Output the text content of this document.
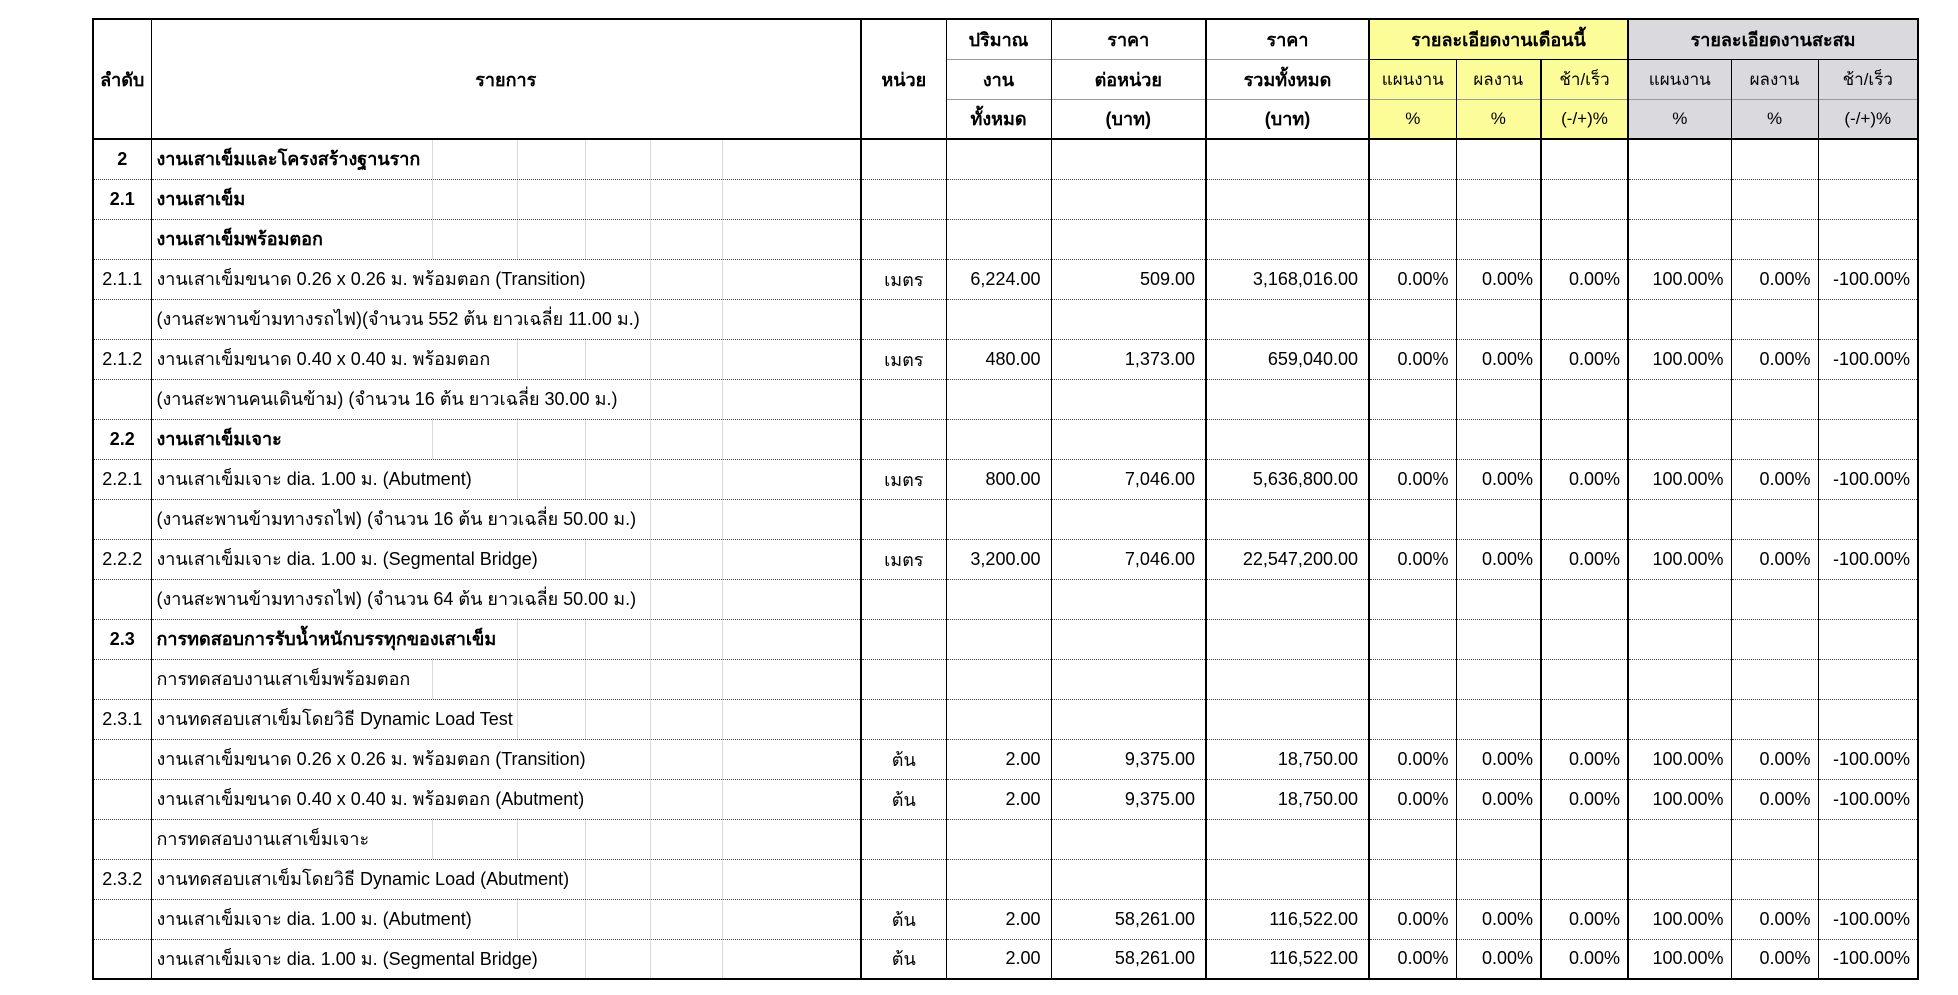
ลำดับ	รายการ	หน่วย	ปริมาณ	ราคา	ราคา	รายละเอียดงานเดือนนี้			รายละเอียดงานสะสม		
			งาน	ต่อหน่วย	รวมทั้งหมด	แผนงาน	ผลงาน	ช้า/เร็ว	แผนงาน	ผลงาน	ช้า/เร็ว
			ทั้งหมด	(บาท)	(บาท)	%	%	(-/+)%	%	%	(-/+)%
2	งานเสาเข็มและโครงสร้างฐานราก										
2.1	งานเสาเข็ม										
	งานเสาเข็มพร้อมตอก										
2.1.1	งานเสาเข็มขนาด 0.26 x 0.26 ม. พร้อมตอก (Transition)	เมตร	6,224.00	509.00	3,168,016.00	0.00%	0.00%	0.00%	100.00%	0.00%	-100.00%
	(งานสะพานข้ามทางรถไฟ)(จำนวน 552 ต้น ยาวเฉลี่ย 11.00 ม.)										
2.1.2	งานเสาเข็มขนาด 0.40 x 0.40 ม. พร้อมตอก	เมตร	480.00	1,373.00	659,040.00	0.00%	0.00%	0.00%	100.00%	0.00%	-100.00%
	(งานสะพานคนเดินข้าม) (จำนวน 16 ต้น ยาวเฉลี่ย 30.00 ม.)										
2.2	งานเสาเข็มเจาะ										
2.2.1	งานเสาเข็มเจาะ dia. 1.00 ม. (Abutment)	เมตร	800.00	7,046.00	5,636,800.00	0.00%	0.00%	0.00%	100.00%	0.00%	-100.00%
	(งานสะพานข้ามทางรถไฟ) (จำนวน 16 ต้น ยาวเฉลี่ย 50.00 ม.)										
2.2.2	งานเสาเข็มเจาะ dia. 1.00 ม. (Segmental Bridge)	เมตร	3,200.00	7,046.00	22,547,200.00	0.00%	0.00%	0.00%	100.00%	0.00%	-100.00%
	(งานสะพานข้ามทางรถไฟ) (จำนวน 64 ต้น ยาวเฉลี่ย 50.00 ม.)										
2.3	การทดสอบการรับน้ำหนักบรรทุกของเสาเข็ม										
	การทดสอบงานเสาเข็มพร้อมตอก										
2.3.1	งานทดสอบเสาเข็มโดยวิธี Dynamic Load Test										
	งานเสาเข็มขนาด 0.26 x 0.26 ม. พร้อมตอก (Transition)	ต้น	2.00	9,375.00	18,750.00	0.00%	0.00%	0.00%	100.00%	0.00%	-100.00%
	งานเสาเข็มขนาด 0.40 x 0.40 ม. พร้อมตอก (Abutment)	ต้น	2.00	9,375.00	18,750.00	0.00%	0.00%	0.00%	100.00%	0.00%	-100.00%
	การทดสอบงานเสาเข็มเจาะ										
2.3.2	งานทดสอบเสาเข็มโดยวิธี Dynamic Load (Abutment)										
	งานเสาเข็มเจาะ dia. 1.00 ม. (Abutment)	ต้น	2.00	58,261.00	116,522.00	0.00%	0.00%	0.00%	100.00%	0.00%	-100.00%
	งานเสาเข็มเจาะ dia. 1.00 ม. (Segmental Bridge)	ต้น	2.00	58,261.00	116,522.00	0.00%	0.00%	0.00%	100.00%	0.00%	-100.00%
